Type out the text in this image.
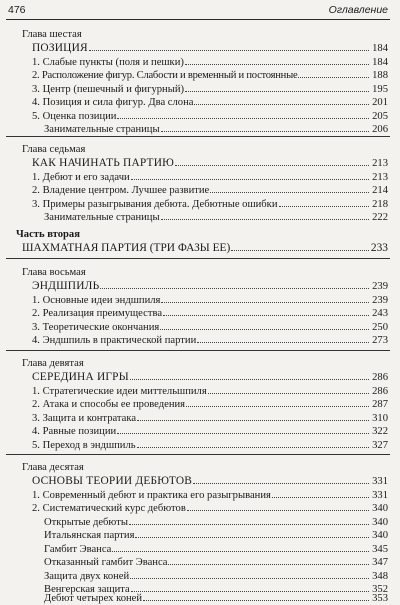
476	Оглавление
Глава шестая
ПОЗИЦИЯ	184
1. Слабые пункты (поля и пешки)	184
2. Расположение фигур. Слабости и временный и постоянные	188
3. Центр (пешечный и фигурный)	195
4. Позиция и сила фигур. Два слона	201
5. Оценка позиции	205
Занимательные страницы	206
Глава седьмая
КАК НАЧИНАТЬ ПАРТИЮ	213
1. Дебют и его задачи	213
2. Владение центром. Лучшее развитие	214
3. Примеры разыгрывания дебюта. Дебютные ошибки	218
Занимательные страницы	222
Часть вторая
ШАХМАТНАЯ ПАРТИЯ (ТРИ ФАЗЫ ЕЕ)	233
Глава восьмая
ЭНДШПИЛЬ	239
1. Основные идеи эндшпиля	239
2. Реализация преимущества	243
3. Теоретические окончания	250
4. Эндшпиль в практической партии	273
Глава девятая
СЕРЕДИНА ИГРЫ	286
1. Стратегические идеи миттельшпиля	286
2. Атака и способы ее проведения	287
3. Защита и контратака	310
4. Равные позиции	322
5. Переход в эндшпиль	327
Глава десятая
ОСНОВЫ ТЕОРИИ ДЕБЮТОВ	331
1. Современный дебют и практика его разыгрывания	331
2. Систематический курс дебютов	340
Открытые дебюты	340
Итальянская партия	340
Гамбит Эванса	345
Отказанный гамбит Эванса	347
Защита двух коней	348
Венгерская защита	352
Дебют четырех коней	353
